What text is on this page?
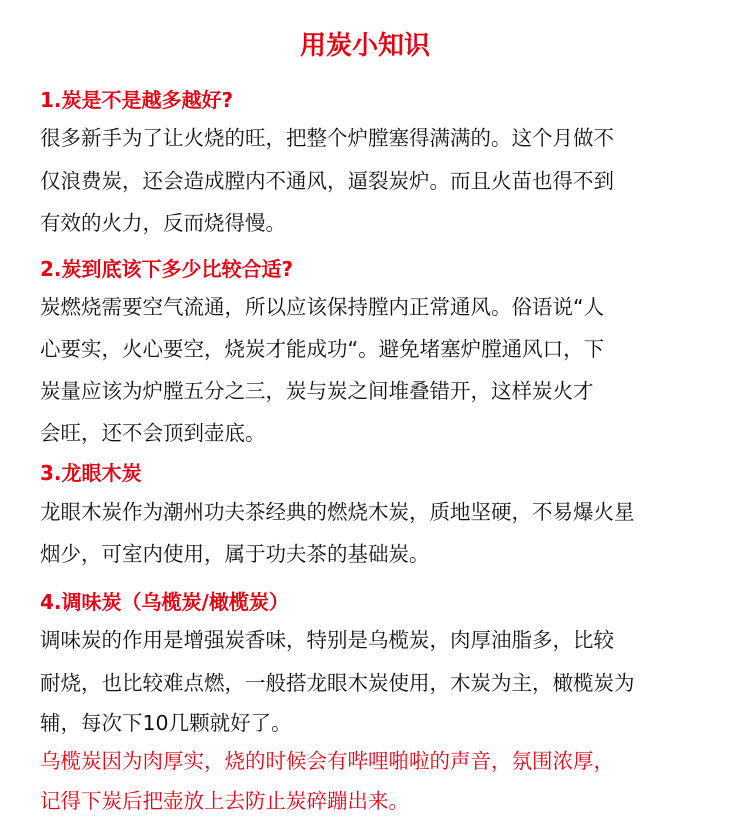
用炭小知识
1.炭是不是越多越好?
很多新手为了让火烧的旺，把整个炉膛塞得满满的。这个月做不
仅浪费炭，还会造成膛内不通风，逼裂炭炉。而且火苗也得不到
有效的火力，反而烧得慢。
2.炭到底该下多少比较合适?
炭燃烧需要空气流通，所以应该保持膛内正常通风。俗语说“人
心要实，火心要空，烧炭才能成功“。避免堵塞炉膛通风口，下
炭量应该为炉膛五分之三，炭与炭之间堆叠错开，这样炭火才
会旺，还不会顶到壶底。
3.龙眼木炭
龙眼木炭作为潮州功夫茶经典的燃烧木炭，质地坚硬，不易爆火星
烟少，可室内使用，属于功夫茶的基础炭。
4.调味炭（乌榄炭/橄榄炭）
调味炭的作用是增强炭香味，特别是乌榄炭，肉厚油脂多，比较
耐烧，也比较难点燃，一般搭龙眼木炭使用，木炭为主，橄榄炭为
辅，每次下10几颗就好了。
乌榄炭因为肉厚实，烧的时候会有哔哩啪啦的声音，氛围浓厚，
记得下炭后把壶放上去防止炭碎蹦出来。
